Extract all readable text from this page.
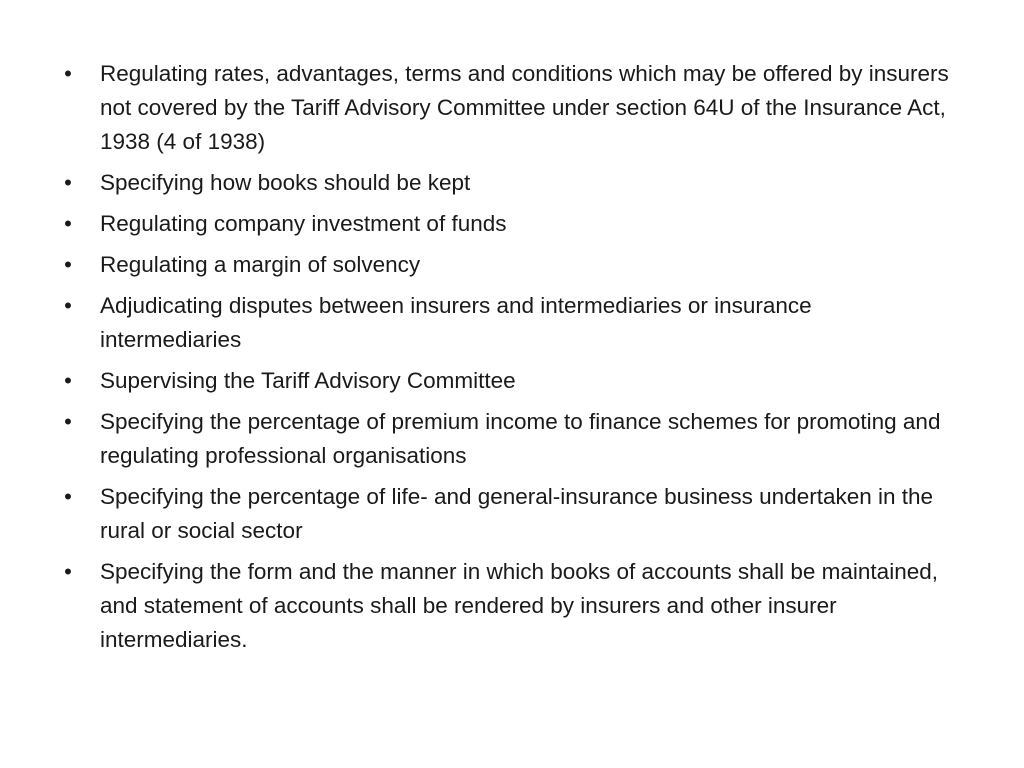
• Regulating rates, advantages, terms and conditions which may be offered by insurers not covered by the Tariff Advisory Committee under section 64U of the Insurance Act, 1938 (4 of 1938)
• Specifying how books should be kept
• Regulating company investment of funds
• Regulating a margin of solvency
• Adjudicating disputes between insurers and intermediaries or insurance intermediaries
• Supervising the Tariff Advisory Committee
• Specifying the percentage of premium income to finance schemes for promoting and regulating professional organisations
• Specifying the percentage of life- and general-insurance business undertaken in the rural or social sector
• Specifying the form and the manner in which books of accounts shall be maintained, and statement of accounts shall be rendered by insurers and other insurer intermediaries.
